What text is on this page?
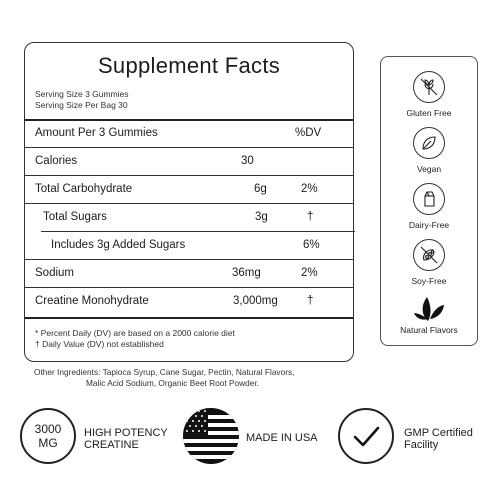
Supplement Facts
Serving Size 3 Gummies
Serving Size Per Bag 30
Amount Per 3 Gummies	%DV
Calories	30
Total Carbohydrate	6g	2%
Total Sugars	3g	†
Includes 3g Added Sugars	6%
Sodium	36mg	2%
Creatine Monohydrate	3,000mg	†
* Percent Daily (DV) are based on a 2000 calorie diet
† Daily Value (DV) not established
Other Ingredients: Tapioca Syrup, Cane Sugar, Pectin, Natural Flavors,
Malic Acid Sodium, Organic Beet Root Powder.
Gluten Free
Vegan
Dairy-Free
Soy-Free
Natural Flavors
3000
MG
HIGH POTENCY
CREATINE
MADE IN USA	GMP Certified
Facility
